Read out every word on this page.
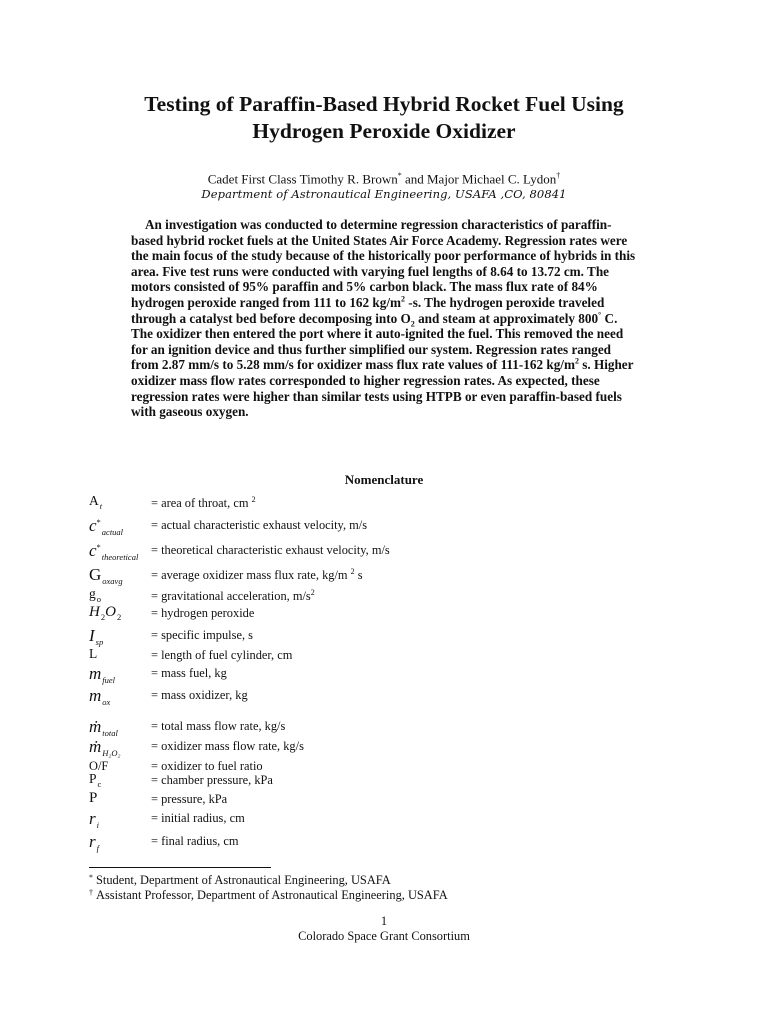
Testing of Paraffin-Based Hybrid Rocket Fuel Using
Hydrogen Peroxide Oxidizer
Cadet First Class Timothy R. Brown* and Major Michael C. Lydon†
Department of Astronautical Engineering, USAFA ,CO, 80841

An investigation was conducted to determine regression characteristics of paraffin-based hybrid rocket fuels at the United States Air Force Academy. Regression rates were the main focus of the study because of the historically poor performance of hybrids in this area. Five test runs were conducted with varying fuel lengths of 8.64 to 13.72 cm. The motors consisted of 95% paraffin and 5% carbon black. The mass flux rate of 84% hydrogen peroxide ranged from 111 to 162 $kg/m^2$ -s. The hydrogen peroxide traveled through a catalyst bed before decomposing into $O_2$ and steam at approximately 800° C. The oxidizer then entered the port where it auto-ignited the fuel. This removed the need for an ignition device and thus further simplified our system. Regression rates ranged from 2.87 mm/s to 5.28 mm/s for oxidizer mass flux rate values of 111-162 $kg/m^2$ s. Higher oxidizer mass flow rates corresponded to higher regression rates. As expected, these regression rates were higher than similar tests using HTPB or even paraffin-based fuels with gaseous oxygen.

Nomenclature
$A_t$	= area of throat, cm $^2$
$c^*_{actual}$ = actual characteristic exhaust velocity, m/s
$c^*_{theoretical}$ = theoretical characteristic exhaust velocity, m/s
$G_{oxavg}$ = average oxidizer mass flux rate, kg/m $^2$ s
$g_o$	= gravitational acceleration, $m/s^2$
$H_2O_2$ = hydrogen peroxide
$I_{sp}$	= specific impulse, s
L	= length of fuel cylinder, cm
$m_{fuel}$	= mass fuel, kg
$m_{ox}$	= mass oxidizer, kg
ṁ$_{total}$	= total mass flow rate, kg/s
ṁ$_{H_2O_2}$ = oxidizer mass flow rate, kg/s
O/F	= oxidizer to fuel ratio
$P_c$	= chamber pressure, kPa
P	= pressure, kPa
$r_i$	= initial radius, cm
$r_f$	= final radius, cm
* Student, Department of Astronautical Engineering, USAFA
† Assistant Professor, Department of Astronautical Engineering, USAFA
1
Colorado Space Grant Consortium
